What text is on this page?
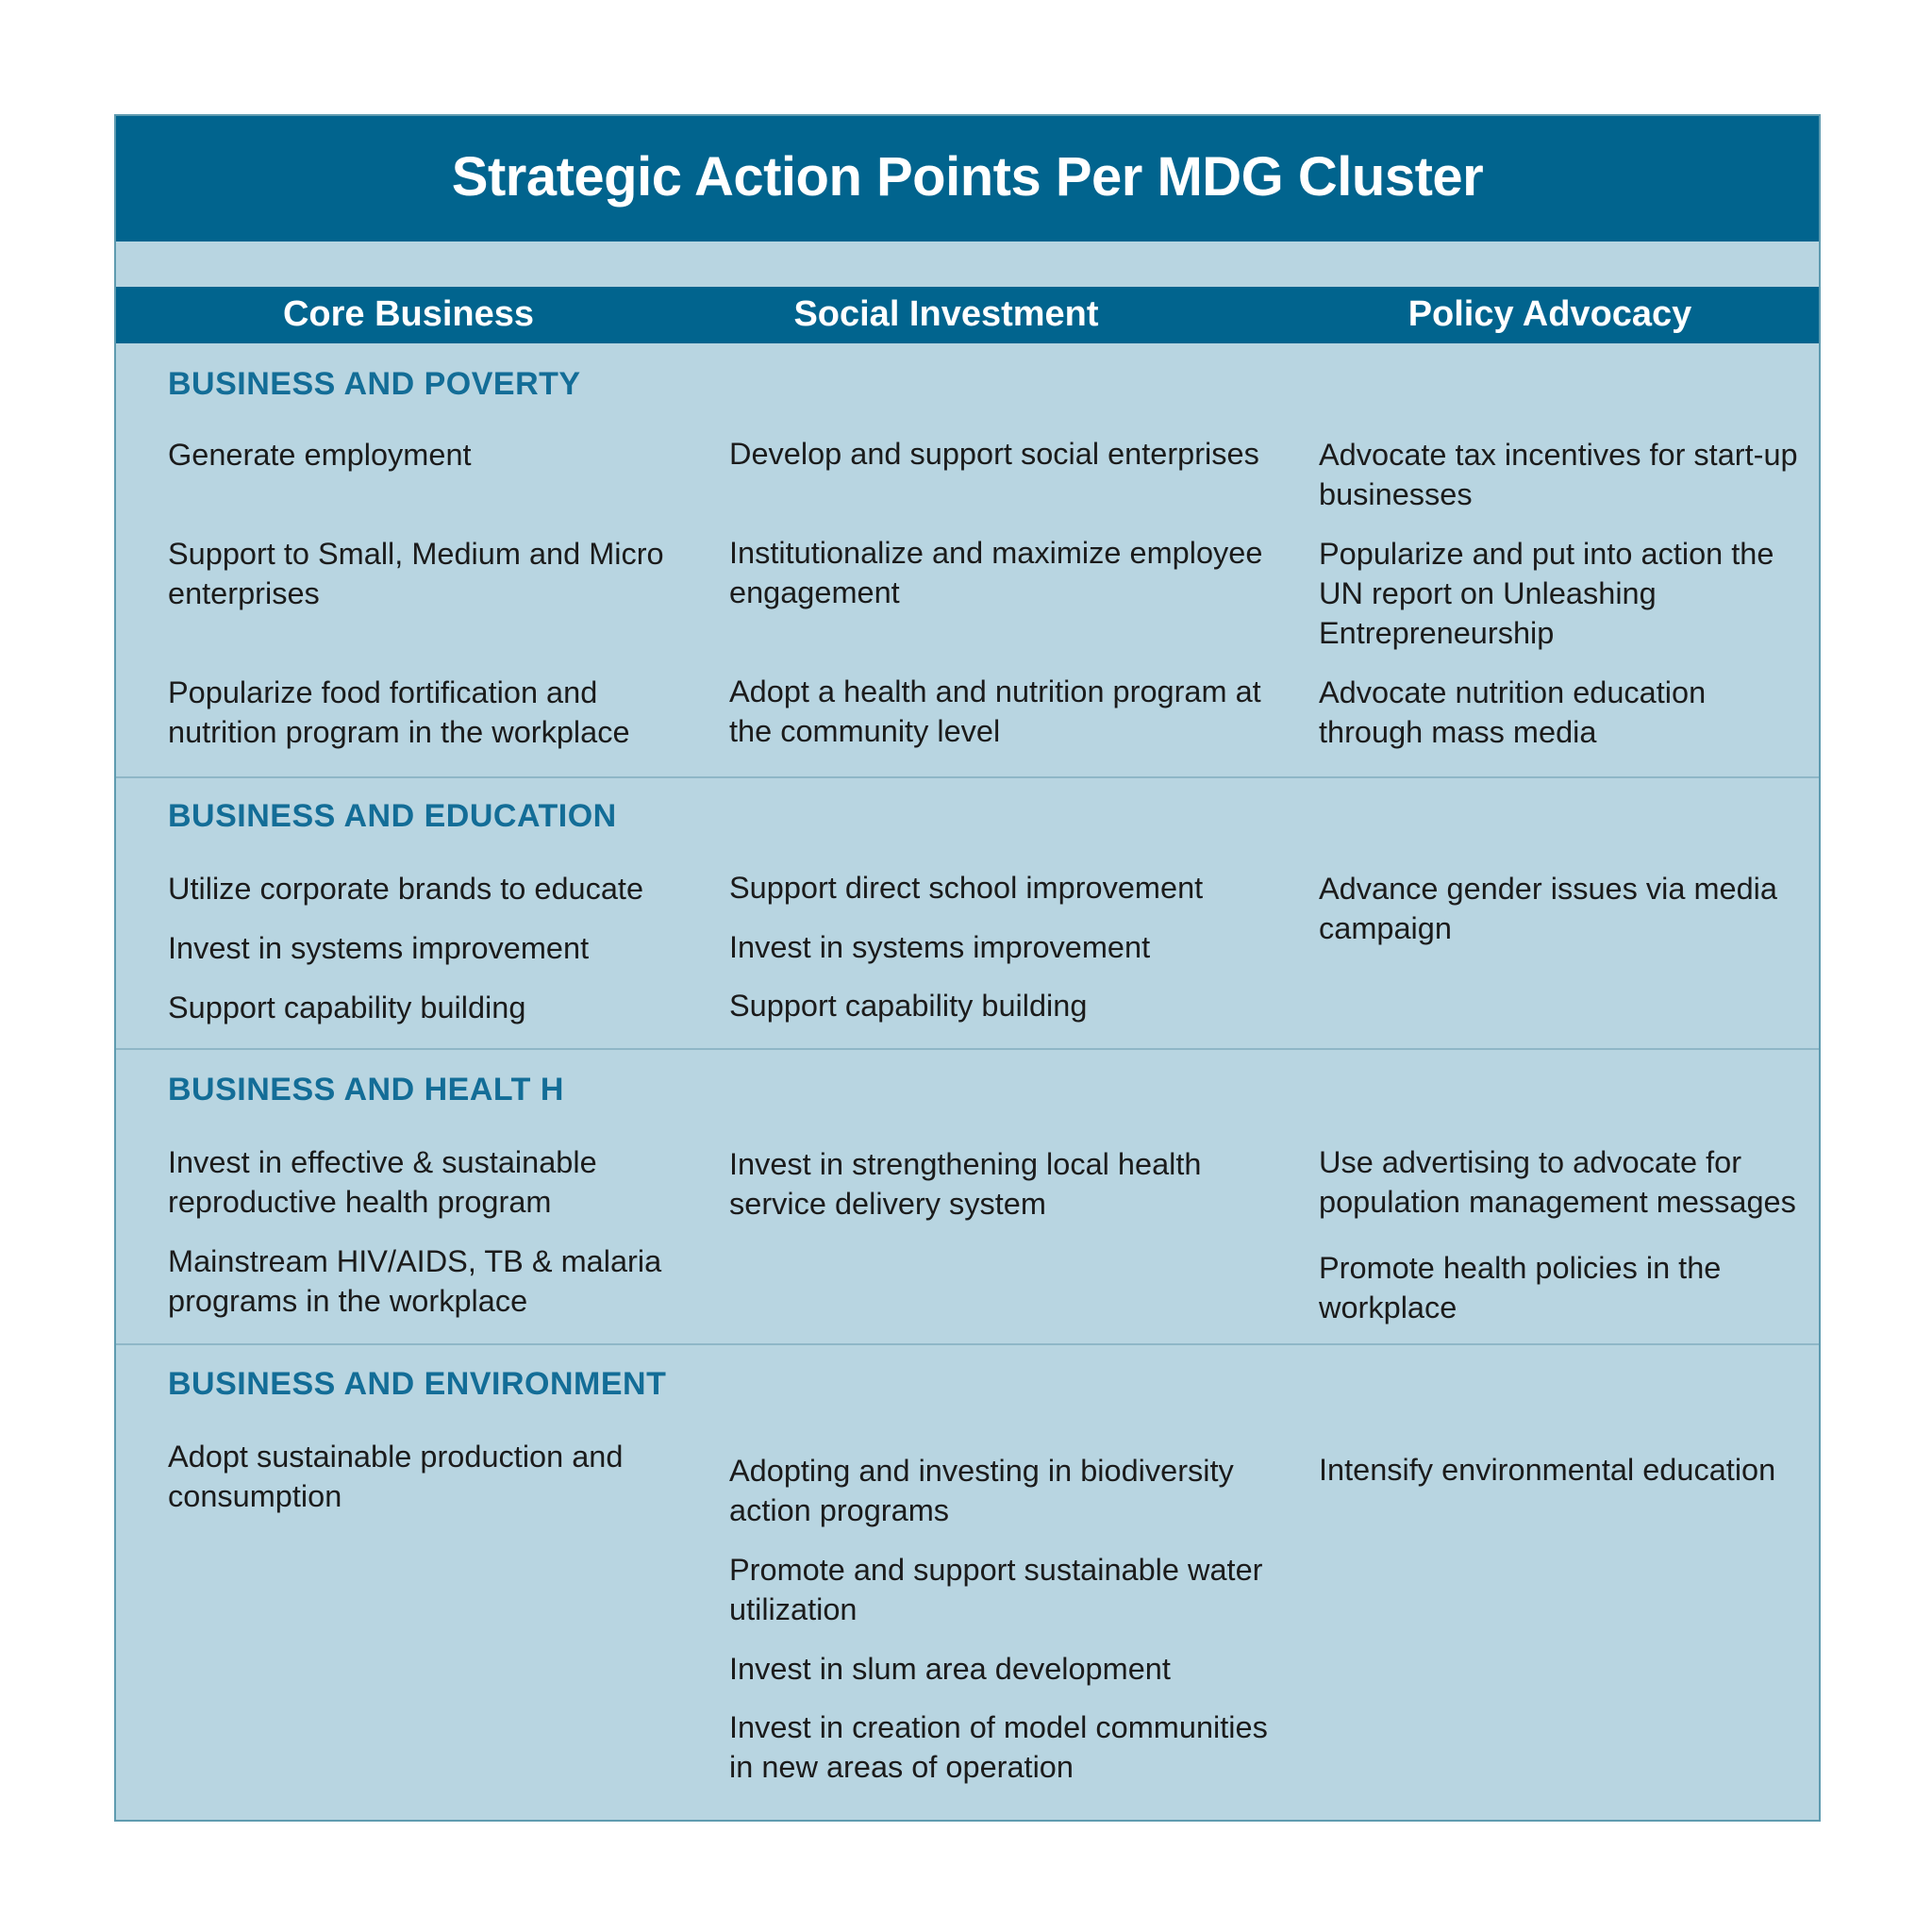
Strategic Action Points Per MDG Cluster
Core Business	Social Investment	Policy Advocacy
BUSINESS AND POVERTY
Generate employment
Support to Small, Medium and Micro enterprises
Popularize food fortification and nutrition program in the workplace
Develop and support social enterprises
Institutionalize and maximize employee engagement
Adopt a health and nutrition program at the community level
Advocate tax incentives for start-up businesses
Popularize and put into action the UN report on Unleashing Entrepreneurship
Advocate nutrition education through mass media
BUSINESS AND EDUCATION
Utilize corporate brands to educate
Invest in systems improvement
Support capability building
Support direct school improvement
Invest in systems improvement
Support capability building
Advance gender issues via media campaign
BUSINESS AND HEALT H
Invest in effective & sustainable reproductive health program
Mainstream HIV/AIDS, TB & malaria programs in the workplace
Invest in strengthening local health service delivery system
Use advertising to advocate for population management messages
Promote health policies in the workplace
BUSINESS AND ENVIRONMENT
Adopt sustainable production and consumption
Adopting and investing in biodiversity action programs
Promote and support sustainable water utilization
Invest in slum area development
Invest in creation of model communities in new areas of operation
Intensify environmental education
